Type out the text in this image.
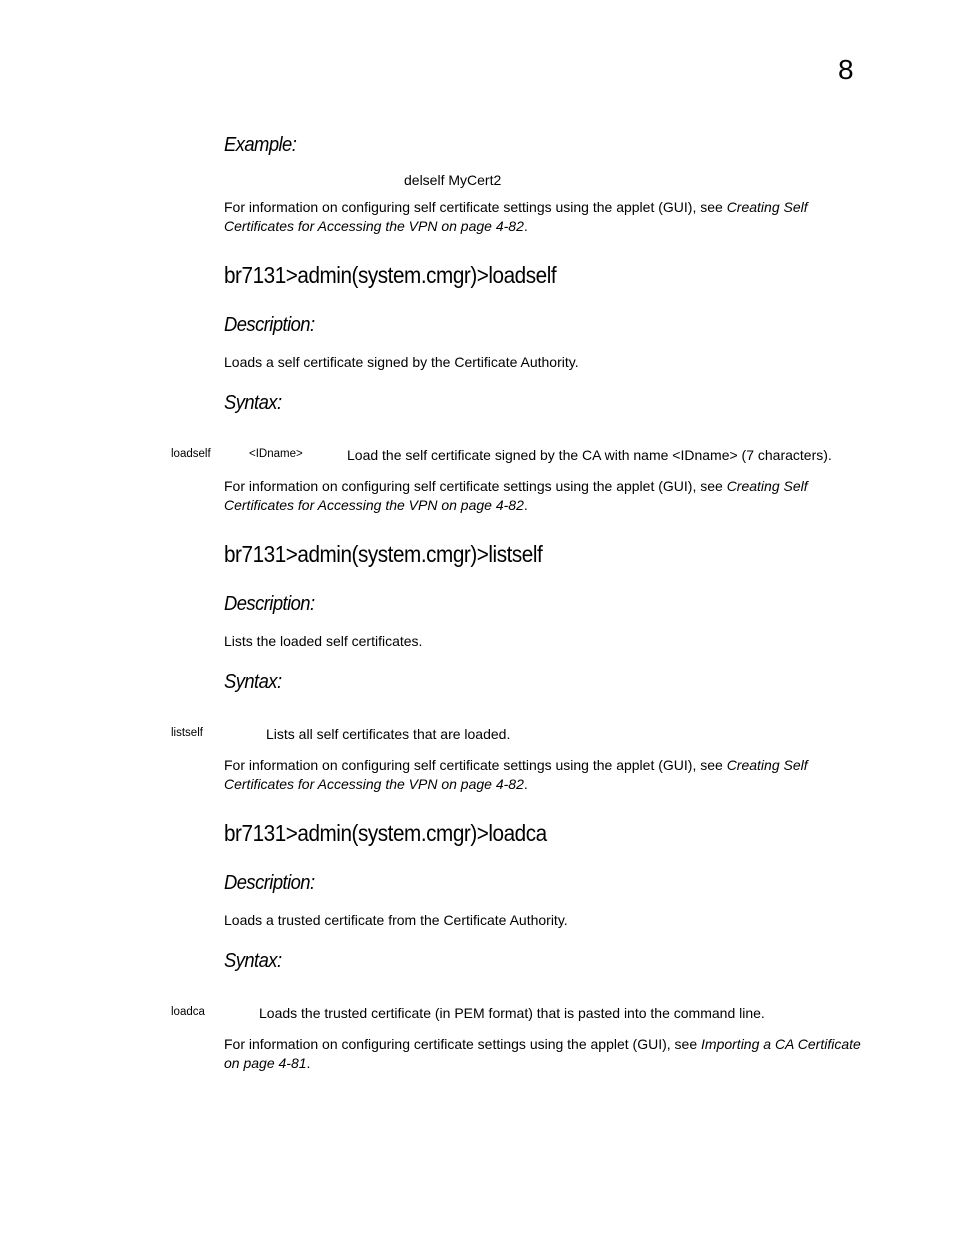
8
Example:
delself MyCert2
For information on configuring self certificate settings using the applet (GUI), see Creating Self Certificates for Accessing the VPN on page 4-82.
br7131>admin(system.cmgr)>loadself
Description:
Loads a self certificate signed by the Certificate Authority.
Syntax:
loadself	<IDname>	Load the self certificate signed by the CA with name <IDname> (7 characters).
For information on configuring self certificate settings using the applet (GUI), see Creating Self Certificates for Accessing the VPN on page 4-82.
br7131>admin(system.cmgr)>listself
Description:
Lists the loaded self certificates.
Syntax:
listself	Lists all self certificates that are loaded.
For information on configuring self certificate settings using the applet (GUI), see Creating Self Certificates for Accessing the VPN on page 4-82.
br7131>admin(system.cmgr)>loadca
Description:
Loads a trusted certificate from the Certificate Authority.
Syntax:
loadca	Loads the trusted certificate (in PEM format) that is pasted into the command line.
For information on configuring certificate settings using the applet (GUI), see Importing a CA Certificate on page 4-81.
